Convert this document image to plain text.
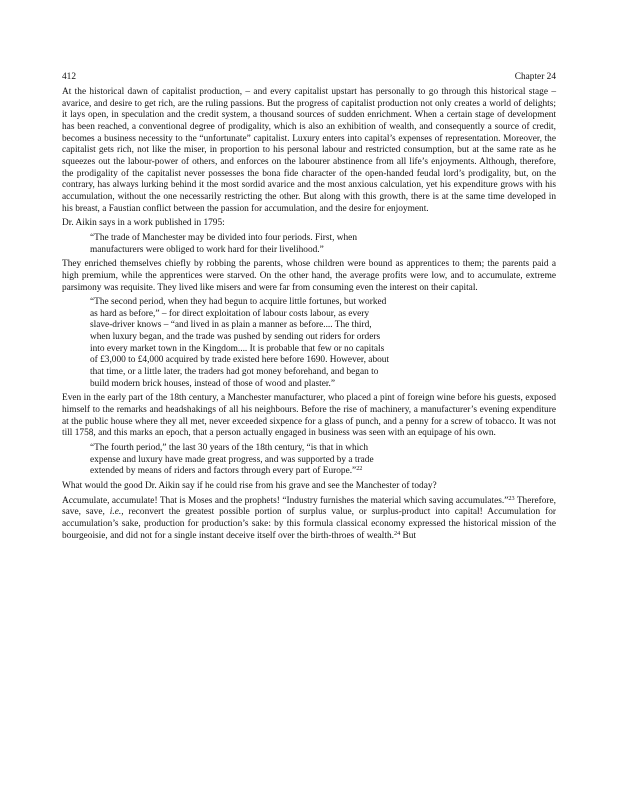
412	Chapter 24

At the historical dawn of capitalist production, – and every capitalist upstart has personally to go through this historical stage – avarice, and desire to get rich, are the ruling passions. But the progress of capitalist production not only creates a world of delights; it lays open, in speculation and the credit system, a thousand sources of sudden enrichment. When a certain stage of development has been reached, a conventional degree of prodigality, which is also an exhibition of wealth, and consequently a source of credit, becomes a business necessity to the “unfortunate” capitalist. Luxury enters into capital’s expenses of representation. Moreover, the capitalist gets rich, not like the miser, in proportion to his personal labour and restricted consumption, but at the same rate as he squeezes out the labour-power of others, and enforces on the labourer abstinence from all life’s enjoyments. Although, therefore, the prodigality of the capitalist never possesses the bona fide character of the open-handed feudal lord’s prodigality, but, on the contrary, has always lurking behind it the most sordid avarice and the most anxious calculation, yet his expenditure grows with his accumulation, without the one necessarily restricting the other. But along with this growth, there is at the same time developed in his breast, a Faustian conflict between the passion for accumulation, and the desire for enjoyment.

Dr. Aikin says in a work published in 1795:

“The trade of Manchester may be divided into four periods. First, when manufacturers were obliged to work hard for their livelihood.”

They enriched themselves chiefly by robbing the parents, whose children were bound as apprentices to them; the parents paid a high premium, while the apprentices were starved. On the other hand, the average profits were low, and to accumulate, extreme parsimony was requisite. They lived like misers and were far from consuming even the interest on their capital.

“The second period, when they had begun to acquire little fortunes, but worked as hard as before,” – for direct exploitation of labour costs labour, as every slave-driver knows – “and lived in as plain a manner as before.... The third, when luxury began, and the trade was pushed by sending out riders for orders into every market town in the Kingdom.... It is probable that few or no capitals of £3,000 to £4,000 acquired by trade existed here before 1690. However, about that time, or a little later, the traders had got money beforehand, and began to build modern brick houses, instead of those of wood and plaster.”

Even in the early part of the 18th century, a Manchester manufacturer, who placed a pint of foreign wine before his guests, exposed himself to the remarks and headshakings of all his neighbours. Before the rise of machinery, a manufacturer’s evening expenditure at the public house where they all met, never exceeded sixpence for a glass of punch, and a penny for a screw of tobacco. It was not till 1758, and this marks an epoch, that a person actually engaged in business was seen with an equipage of his own.

“The fourth period,” the last 30 years of the 18th century, “is that in which expense and luxury have made great progress, and was supported by a trade extended by means of riders and factors through every part of Europe.”$^{22}$

What would the good Dr. Aikin say if he could rise from his grave and see the Manchester of today?

Accumulate, accumulate! That is Moses and the prophets! “Industry furnishes the material which saving accumulates.”$^{23}$ Therefore, save, save, i.e., reconvert the greatest possible portion of surplus value, or surplus-product into capital! Accumulation for accumulation’s sake, production for production’s sake: by this formula classical economy expressed the historical mission of the bourgeoisie, and did not for a single instant deceive itself over the birth-throes of wealth.$^{24}$ But
